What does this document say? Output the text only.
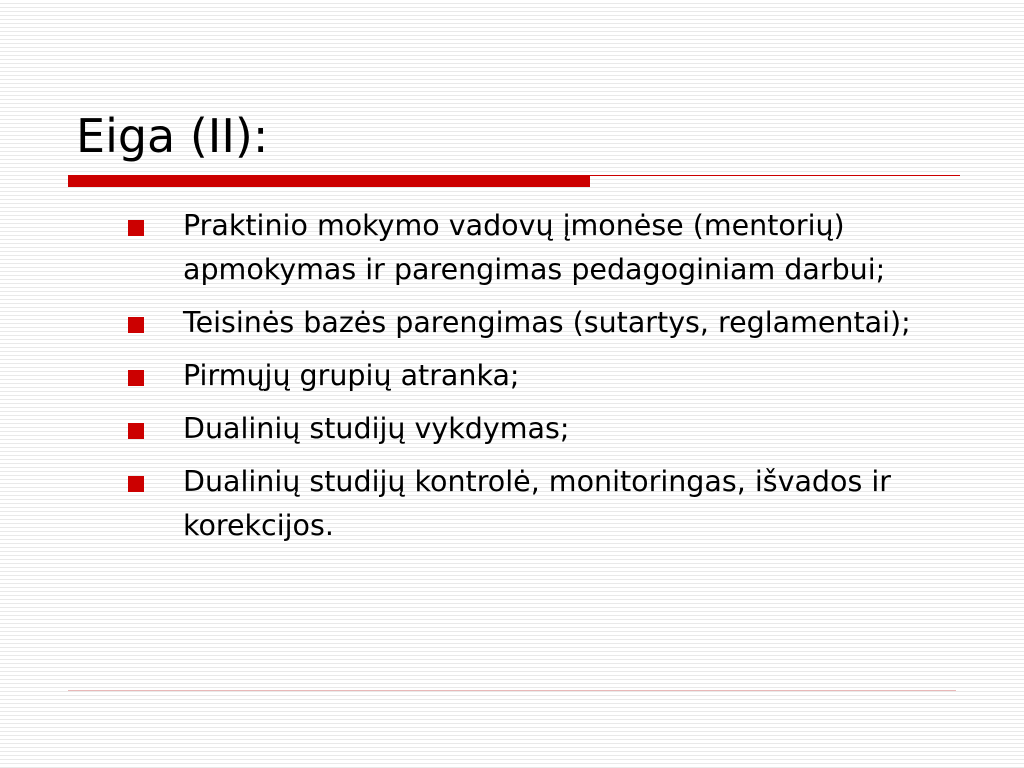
Eiga (II):
Praktinio mokymo vadovų įmonėse (mentorių) apmokymas ir parengimas pedagoginiam darbui;
Teisinės bazės parengimas (sutartys, reglamentai);
Pirmųjų grupių atranka;
Dualinių studijų vykdymas;
Dualinių studijų kontrolė, monitoringas, išvados ir korekcijos.
